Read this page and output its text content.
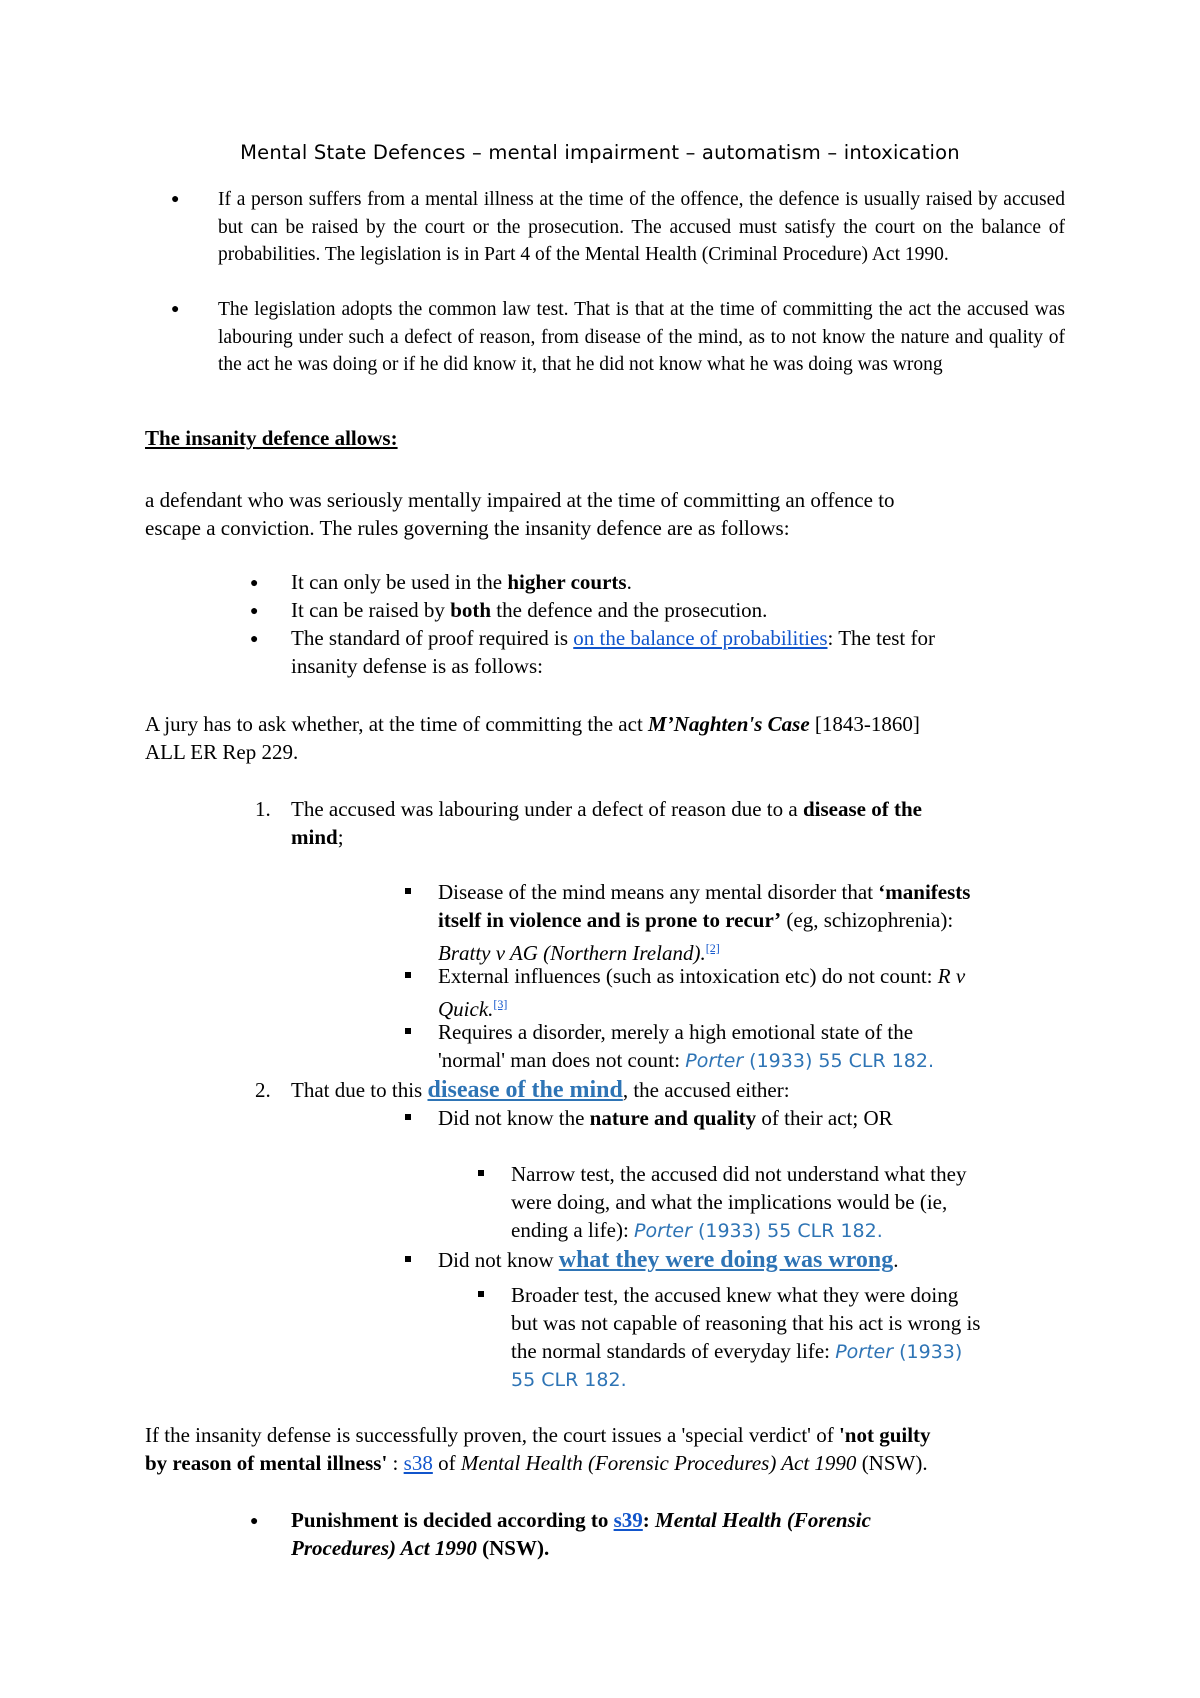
Mental State Defences – mental impairment – automatism – intoxication

● If a person suffers from a mental illness at the time of the offence, the defence is usually raised by accused but can be raised by the court or the prosecution. The accused must satisfy the court on the balance of probabilities. The legislation is in Part 4 of the Mental Health (Criminal Procedure) Act 1990.

● The legislation adopts the common law test. That is that at the time of committing the act the accused was labouring under such a defect of reason, from disease of the mind, as to not know the nature and quality of the act he was doing or if he did know it, that he did not know what he was doing was wrong

The insanity defence allows:
a defendant who was seriously mentally impaired at the time of committing an offence to
escape a conviction. The rules governing the insanity defence are as follows:
● It can only be used in the higher courts.
● It can be raised by both the defence and the prosecution.
● The standard of proof required is on the balance of probabilities: The test for
insanity defense is as follows:
A jury has to ask whether, at the time of committing the act M’Naghten's Case [1843-1860]
ALL ER Rep 229.
1. The accused was labouring under a defect of reason due to a disease of the
mind;
Disease of the mind means any mental disorder that ‘manifests
itself in violence and is prone to recur’ (eg, schizophrenia):
Bratty v AG (Northern Ireland).[2]
External influences (such as intoxication etc) do not count: R v
Quick.[3]
Requires a disorder, merely a high emotional state of the
'normal' man does not count: Porter (1933) 55 CLR 182.
2. That due to this disease of the mind, the accused either:
Did not know the nature and quality of their act; OR
Narrow test, the accused did not understand what they
were doing, and what the implications would be (ie,
ending a life): Porter (1933) 55 CLR 182.
Did not know what they were doing was wrong.
Broader test, the accused knew what they were doing
but was not capable of reasoning that his act is wrong is
the normal standards of everyday life: Porter (1933)
55 CLR 182.
If the insanity defense is successfully proven, the court issues a 'special verdict' of 'not guilty
by reason of mental illness' : s38 of Mental Health (Forensic Procedures) Act 1990 (NSW).
● Punishment is decided according to s39: Mental Health (Forensic
Procedures) Act 1990 (NSW).
